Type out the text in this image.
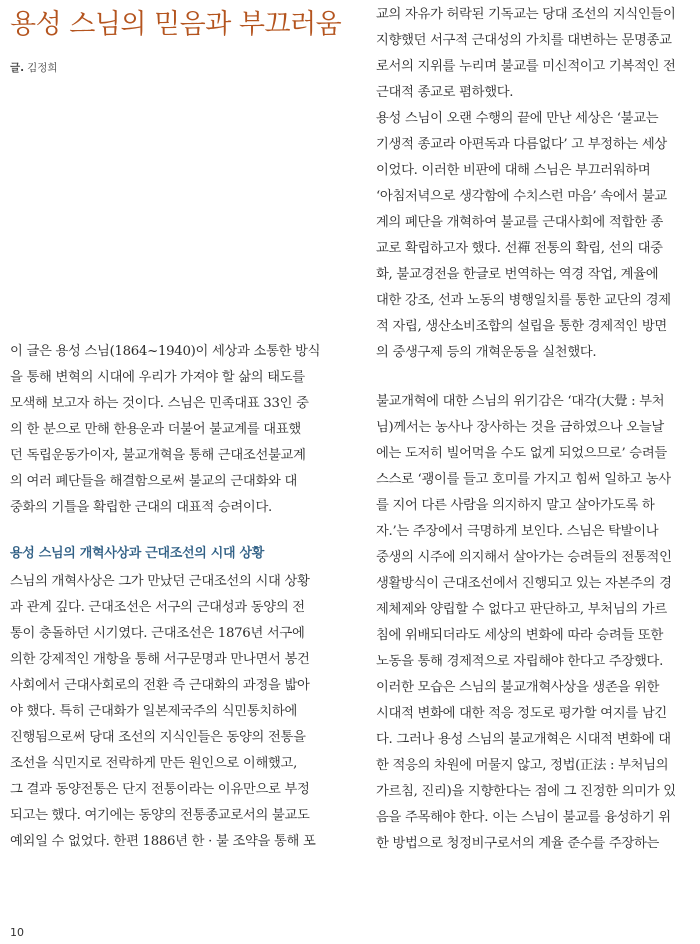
용성 스님의 믿음과 부끄러움
글. 김정희
이 글은 용성 스님(1864~1940)이 세상과 소통한 방식
을 통해 변혁의 시대에 우리가 가져야 할 삶의 태도를
모색해 보고자 하는 것이다. 스님은 민족대표 33인 중
의 한 분으로 만해 한용운과 더불어 불교계를 대표했
던 독립운동가이자, 불교개혁을 통해 근대조선불교계
의 여러 폐단들을 해결함으로써 불교의 근대화와 대
중화의 기틀을 확립한 근대의 대표적 승려이다.
용성 스님의 개혁사상과 근대조선의 시대 상황
스님의 개혁사상은 그가 만났던 근대조선의 시대 상황
과 관계 깊다. 근대조선은 서구의 근대성과 동양의 전
통이 충돌하던 시기였다. 근대조선은 1876년 서구에
의한 강제적인 개항을 통해 서구문명과 만나면서 봉건
사회에서 근대사회로의 전환 즉 근대화의 과정을 밟아
야 했다. 특히 근대화가 일본제국주의 식민통치하에
진행됨으로써 당대 조선의 지식인들은 동양의 전통을
조선을 식민지로 전락하게 만든 원인으로 이해했고,
그 결과 동양전통은 단지 전통이라는 이유만으로 부정
되고는 했다. 여기에는 동양의 전통종교로서의 불교도
예외일 수 없었다. 한편 1886년 한 · 불 조약을 통해 포
교의 자유가 허락된 기독교는 당대 조선의 지식인들이
지향했던 서구적 근대성의 가치를 대변하는 문명종교
로서의 지위를 누리며 불교를 미신적이고 기복적인 전
근대적 종교로 폄하했다.
용성 스님이 오랜 수행의 끝에 만난 세상은 ‘불교는
기생적 종교라 아편독과 다름없다’ 고 부정하는 세상
이었다. 이러한 비판에 대해 스님은 부끄러워하며
‘아침저녁으로 생각함에 수치스런 마음’ 속에서 불교
계의 폐단을 개혁하여 불교를 근대사회에 적합한 종
교로 확립하고자 했다. 선禪 전통의 확립, 선의 대중
화, 불교경전을 한글로 번역하는 역경 작업, 계율에
대한 강조, 선과 노동의 병행일치를 통한 교단의 경제
적 자립, 생산소비조합의 설립을 통한 경제적인 방면
의 중생구제 등의 개혁운동을 실천했다.
불교개혁에 대한 스님의 위기감은 ‘대각(大覺 : 부처
님)께서는 농사나 장사하는 것을 금하였으나 오늘날
에는 도저히 빌어먹을 수도 없게 되었으므로’ 승려들
스스로 ‘괭이를 들고 호미를 가지고 힘써 일하고 농사
를 지어 다른 사람을 의지하지 말고 살아가도록 하
자.’는 주장에서 극명하게 보인다. 스님은 탁발이나
중생의 시주에 의지해서 살아가는 승려들의 전통적인
생활방식이 근대조선에서 진행되고 있는 자본주의 경
제체제와 양립할 수 없다고 판단하고, 부처님의 가르
침에 위배되더라도 세상의 변화에 따라 승려들 또한
노동을 통해 경제적으로 자립해야 한다고 주장했다.
이러한 모습은 스님의 불교개혁사상을 생존을 위한
시대적 변화에 대한 적응 정도로 평가할 여지를 남긴
다. 그러나 용성 스님의 불교개혁은 시대적 변화에 대
한 적응의 차원에 머물지 않고, 정법(正法 : 부처님의
가르침, 진리)을 지향한다는 점에 그 진정한 의미가 있
음을 주목해야 한다. 이는 스님이 불교를 융성하기 위
한 방법으로 청정비구로서의 계율 준수를 주장하는
10
